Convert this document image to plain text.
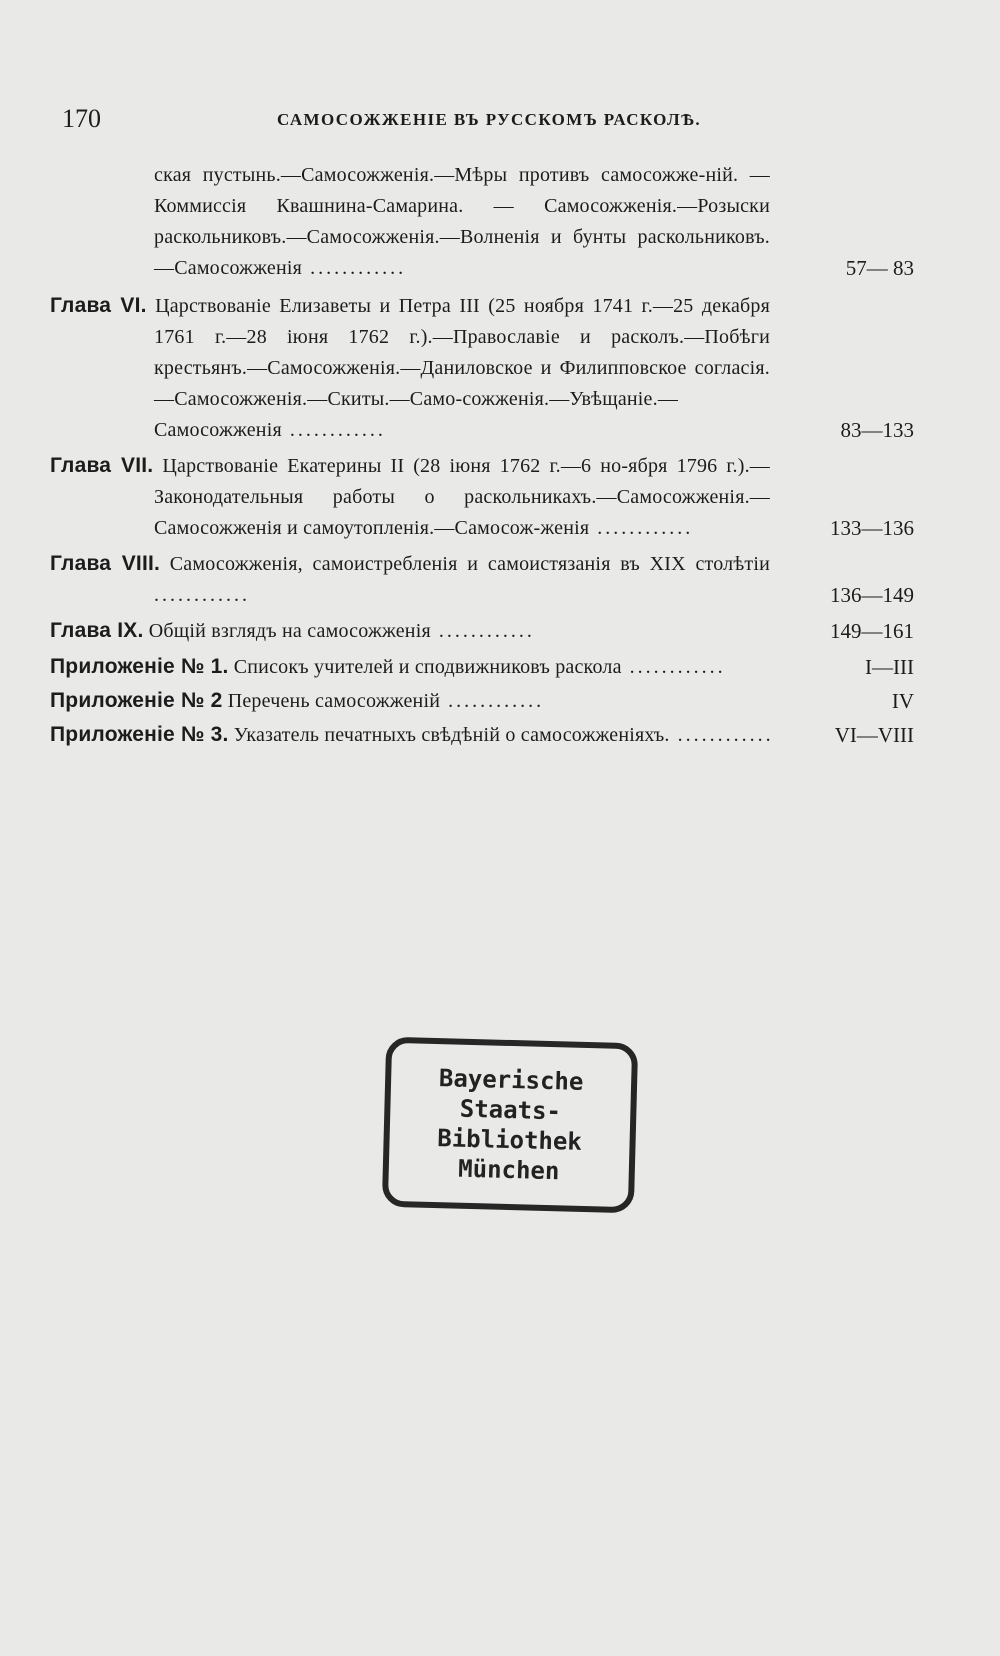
170	САМОСОЖЖЕНІЕ ВЪ РУССКОМЪ РАСКОЛѢ.

ская пустынь.—Самосожженія.—Мѣры противъ самосожже-ній. — Коммиссія Квашнина-Самарина. — Самосожженія.—Розыски раскольниковъ.—Самосожженія.—Волненія и бунты раскольниковъ.—Самосожженія ............	57— 83

Глава VI. Царствованіе Елизаветы и Петра III (25 ноября 1741 г.—25 декабря 1761 г.—28 іюня 1762 г.).—Православіе и расколъ.—Побѣги крестьянъ.—Самосожженія.—Даниловское и Филипповское согласія.—Самосожженія.—Скиты.—Само-сожженія.—Увѣщаніе.—Самосожженія ............	83—133

Глава VII. Царствованіе Екатерины II (28 іюня 1762 г.—6 но-ября 1796 г.).—Законодательныя работы о раскольникахъ.—Самосожженія.—Самосожженія и самоутопленія.—Самосож-женія ............	133—136

Глава VIII. Самосожженія, самоистребленія и самоистязанія въ XIX столѣтіи ............	136—149

Глава IX. Общій взглядъ на самосожженія ............	149—161

Приложеніе № 1. Списокъ учителей и сподвижниковъ раскола ............	I—III

Приложеніе № 2 Перечень самосожженій ............	IV

Приложеніе № 3. Указатель печатныхъ свѣдѣній о самосожженіяхъ. ............	VI—VIII

Bayerische
Staats-
Bibliothek
München
